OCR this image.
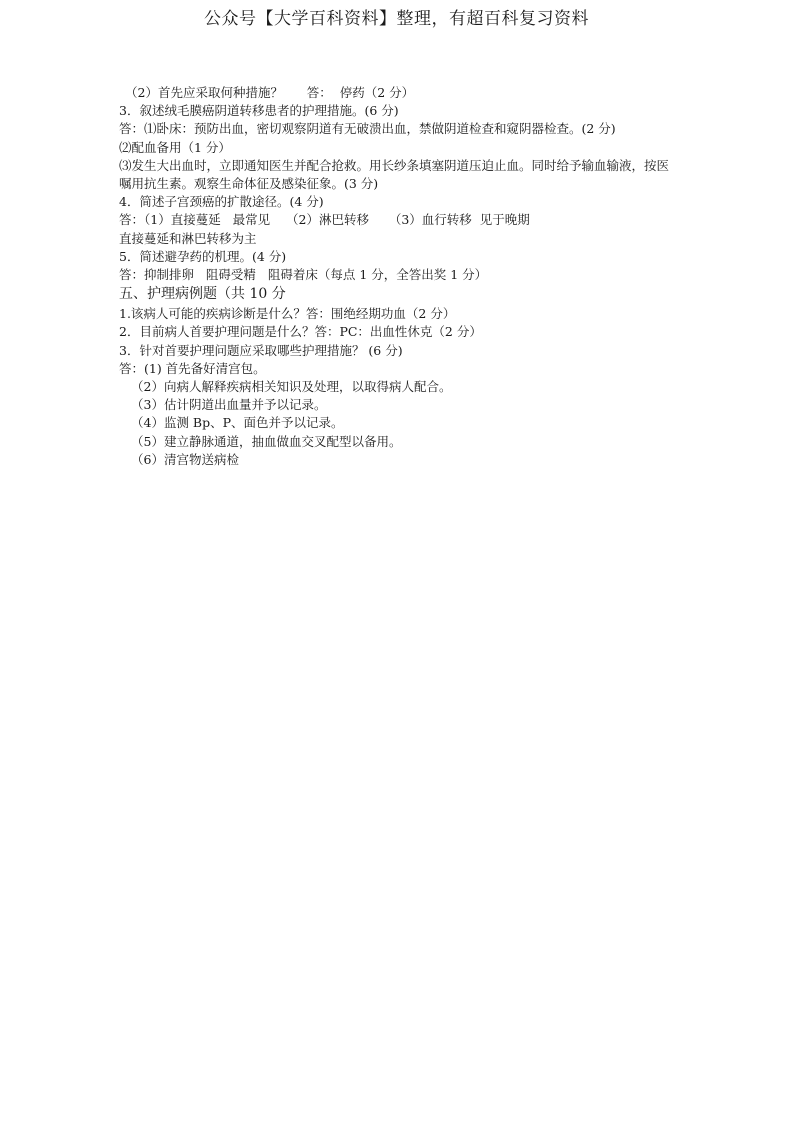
公众号【大学百科资料】整理，有超百科复习资料
（2）首先应采取何种措施？      答：  停药（2 分）
3．叙述绒毛膜癌阴道转移患者的护理措施。(6 分)
答：⑴卧床：预防出血，密切观察阴道有无破溃出血，禁做阴道检查和窥阴器检查。(2 分)
⑵配血备用（1 分）
⑶发生大出血时，立即通知医生并配合抢救。用长纱条填塞阴道压迫止血。同时给予输血输液，按医嘱用抗生素。观察生命体征及感染征象。(3 分)
4．简述子宫颈癌的扩散途径。(4 分)
答：（1）直接蔓延   最常见    （2）淋巴转移     （3）血行转移  见于晚期
直接蔓延和淋巴转移为主
5．简述避孕药的机理。(4 分)
答：抑制排卵   阻碍受精   阻碍着床（每点 1 分，全答出奖 1 分）
五、护理病例题（共 10 分
1.该病人可能的疾病诊断是什么？答：围绝经期功血（2 分）
2．目前病人首要护理问题是什么？答：PC：出血性休克（2 分）
3．针对首要护理问题应采取哪些护理措施？ (6 分)
答：(1) 首先备好清宫包。
（2）向病人解释疾病相关知识及处理，以取得病人配合。
（3）估计阴道出血量并予以记录。
（4）监测 Bp、P、面色并予以记录。
（5）建立静脉通道，抽血做血交叉配型以备用。
（6）清宫物送病检
